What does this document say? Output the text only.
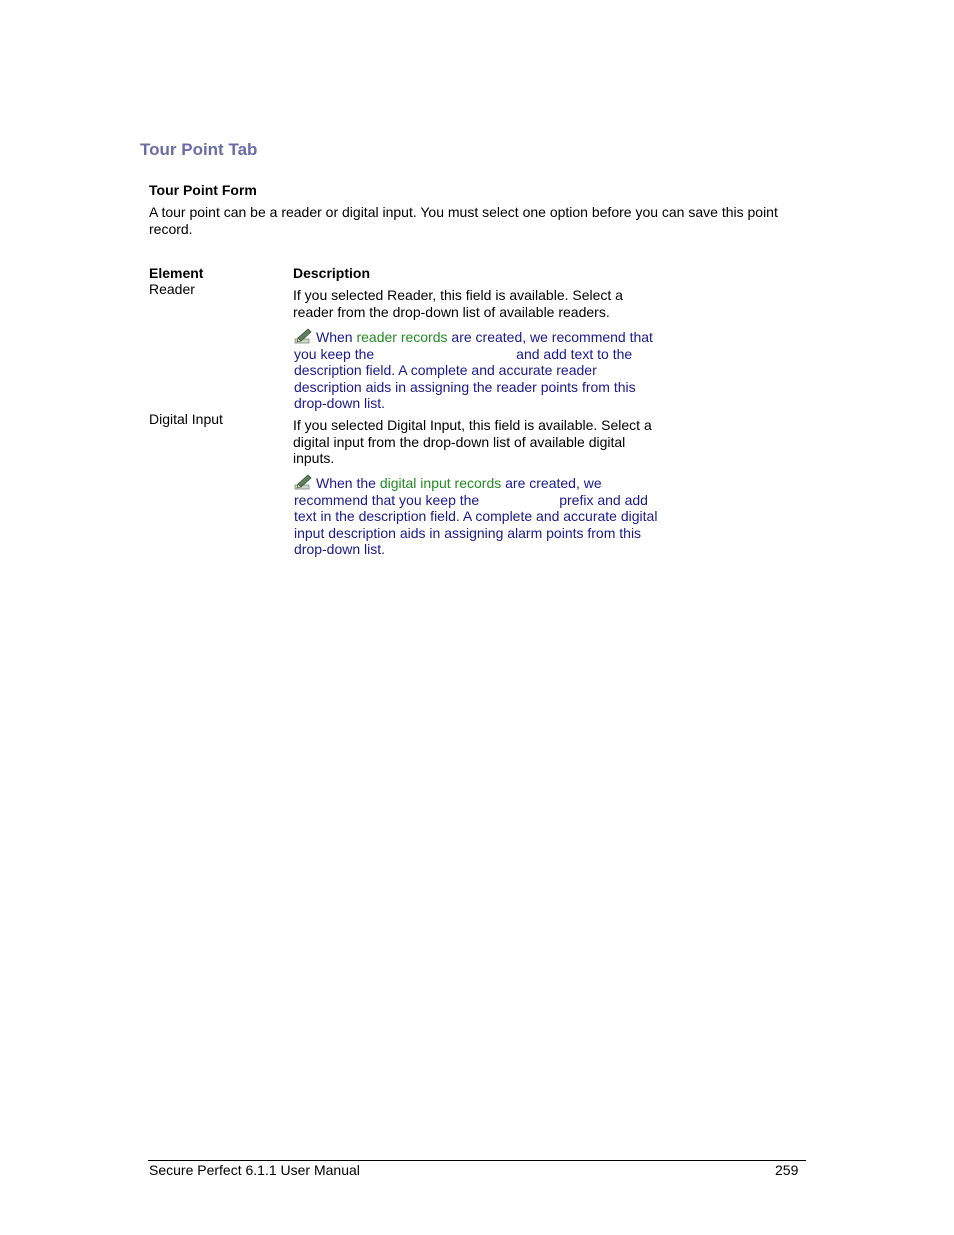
Tour Point Tab
Tour Point Form
A tour point can be a reader or digital input. You must select one option before you can save this point record.
Element	Description
Reader	If you selected Reader, this field is available. Select a reader from the drop-down list of available readers.
When reader records are created, we recommend that you keep the	and add text to the description field. A complete and accurate reader description aids in assigning the reader points from this drop-down list.
Digital Input	If you selected Digital Input, this field is available. Select a digital input from the drop-down list of available digital inputs.
When the digital input records are created, we recommend that you keep the	prefix and add text in the description field. A complete and accurate digital input description aids in assigning alarm points from this drop-down list.
Secure Perfect 6.1.1 User Manual	259
